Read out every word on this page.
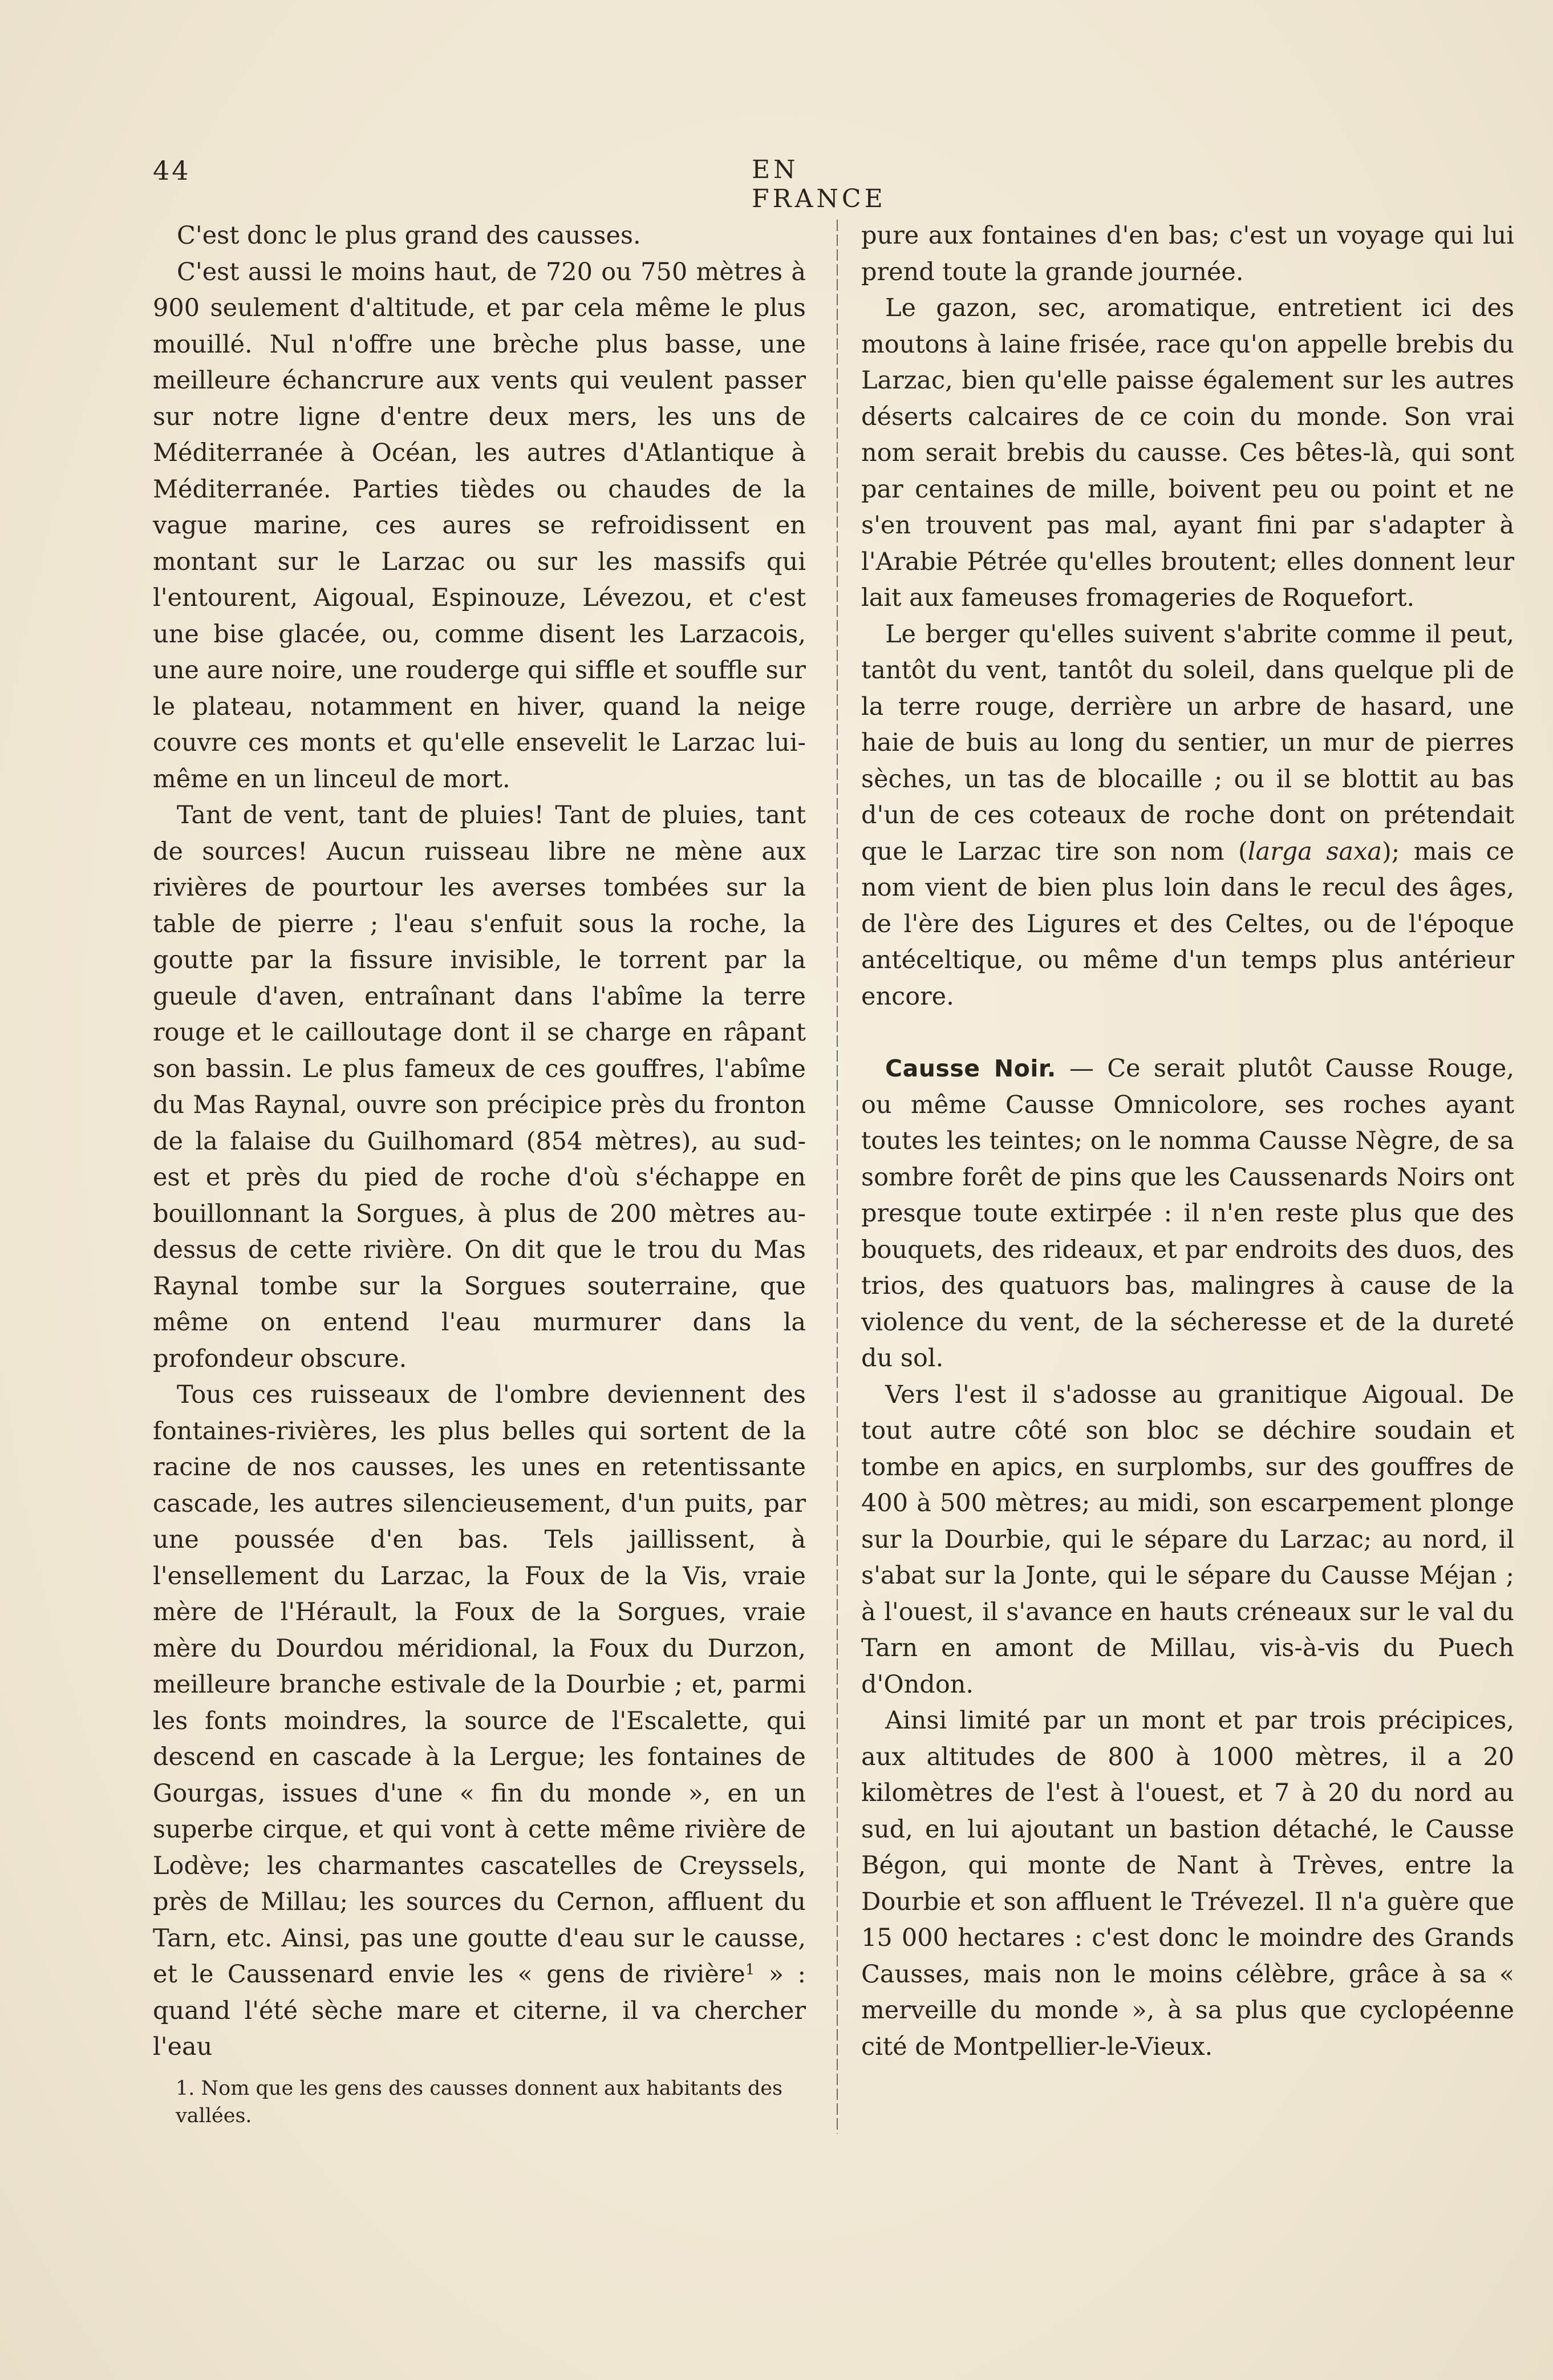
44	EN FRANCE

C'est donc le plus grand des causses.

C'est aussi le moins haut, de 720 ou 750 mètres à 900 seulement d'altitude, et par cela même le plus mouillé. Nul n'offre une brèche plus basse, une meilleure échancrure aux vents qui veulent passer sur notre ligne d'entre deux mers, les uns de Méditerranée à Océan, les autres d'Atlantique à Méditerranée. Parties tièdes ou chaudes de la vague marine, ces aures se refroidissent en montant sur le Larzac ou sur les massifs qui l'entourent, Aigoual, Espinouze, Lévezou, et c'est une bise glacée, ou, comme disent les Larzacois, une aure noire, une rouderge qui siffle et souffle sur le plateau, notamment en hiver, quand la neige couvre ces monts et qu'elle ensevelit le Larzac lui-même en un linceul de mort.

Tant de vent, tant de pluies! Tant de pluies, tant de sources! Aucun ruisseau libre ne mène aux rivières de pourtour les averses tombées sur la table de pierre ; l'eau s'enfuit sous la roche, la goutte par la fissure invisible, le torrent par la gueule d'aven, entraînant dans l'abîme la terre rouge et le cailloutage dont il se charge en râpant son bassin. Le plus fameux de ces gouffres, l'abîme du Mas Raynal, ouvre son précipice près du fronton de la falaise du Guilhomard (854 mètres), au sud-est et près du pied de roche d'où s'échappe en bouillonnant la Sorgues, à plus de 200 mètres au-dessus de cette rivière. On dit que le trou du Mas Raynal tombe sur la Sorgues souterraine, que même on entend l'eau murmurer dans la profondeur obscure.

Tous ces ruisseaux de l'ombre deviennent des fontaines-rivières, les plus belles qui sortent de la racine de nos causses, les unes en retentissante cascade, les autres silencieusement, d'un puits, par une poussée d'en bas. Tels jaillissent, à l'ensellement du Larzac, la Foux de la Vis, vraie mère de l'Hérault, la Foux de la Sorgues, vraie mère du Dourdou méridional, la Foux du Durzon, meilleure branche estivale de la Dourbie ; et, parmi les fonts moindres, la source de l'Escalette, qui descend en cascade à la Lergue; les fontaines de Gourgas, issues d'une « fin du monde », en un superbe cirque, et qui vont à cette même rivière de Lodève; les charmantes cascatelles de Creyssels, près de Millau; les sources du Cernon, affluent du Tarn, etc. Ainsi, pas une goutte d'eau sur le causse, et le Caussenard envie les « gens de rivière$^1$ » : quand l'été sèche mare et citerne, il va chercher l'eau

1. Nom que les gens des causses donnent aux habitants des vallées.

pure aux fontaines d'en bas; c'est un voyage qui lui prend toute la grande journée.

Le gazon, sec, aromatique, entretient ici des moutons à laine frisée, race qu'on appelle brebis du Larzac, bien qu'elle paisse également sur les autres déserts calcaires de ce coin du monde. Son vrai nom serait brebis du causse. Ces bêtes-là, qui sont par centaines de mille, boivent peu ou point et ne s'en trouvent pas mal, ayant fini par s'adapter à l'Arabie Pétrée qu'elles broutent; elles donnent leur lait aux fameuses fromageries de Roquefort.

Le berger qu'elles suivent s'abrite comme il peut, tantôt du vent, tantôt du soleil, dans quelque pli de la terre rouge, derrière un arbre de hasard, une haie de buis au long du sentier, un mur de pierres sèches, un tas de blocaille ; ou il se blottit au bas d'un de ces coteaux de roche dont on prétendait que le Larzac tire son nom (larga saxa); mais ce nom vient de bien plus loin dans le recul des âges, de l'ère des Ligures et des Celtes, ou de l'époque antéceltique, ou même d'un temps plus antérieur encore.

Causse Noir. — Ce serait plutôt Causse Rouge, ou même Causse Omnicolore, ses roches ayant toutes les teintes; on le nomma Causse Nègre, de sa sombre forêt de pins que les Caussenards Noirs ont presque toute extirpée : il n'en reste plus que des bouquets, des rideaux, et par endroits des duos, des trios, des quatuors bas, malingres à cause de la violence du vent, de la sécheresse et de la dureté du sol.

Vers l'est il s'adosse au granitique Aigoual. De tout autre côté son bloc se déchire soudain et tombe en apics, en surplombs, sur des gouffres de 400 à 500 mètres; au midi, son escarpement plonge sur la Dourbie, qui le sépare du Larzac; au nord, il s'abat sur la Jonte, qui le sépare du Causse Méjan ; à l'ouest, il s'avance en hauts créneaux sur le val du Tarn en amont de Millau, vis-à-vis du Puech d'Ondon.

Ainsi limité par un mont et par trois précipices, aux altitudes de 800 à 1000 mètres, il a 20 kilomètres de l'est à l'ouest, et 7 à 20 du nord au sud, en lui ajoutant un bastion détaché, le Causse Bégon, qui monte de Nant à Trèves, entre la Dourbie et son affluent le Trévezel. Il n'a guère que 15 000 hectares : c'est donc le moindre des Grands Causses, mais non le moins célèbre, grâce à sa « merveille du monde », à sa plus que cyclopéenne cité de Montpellier-le-Vieux.
